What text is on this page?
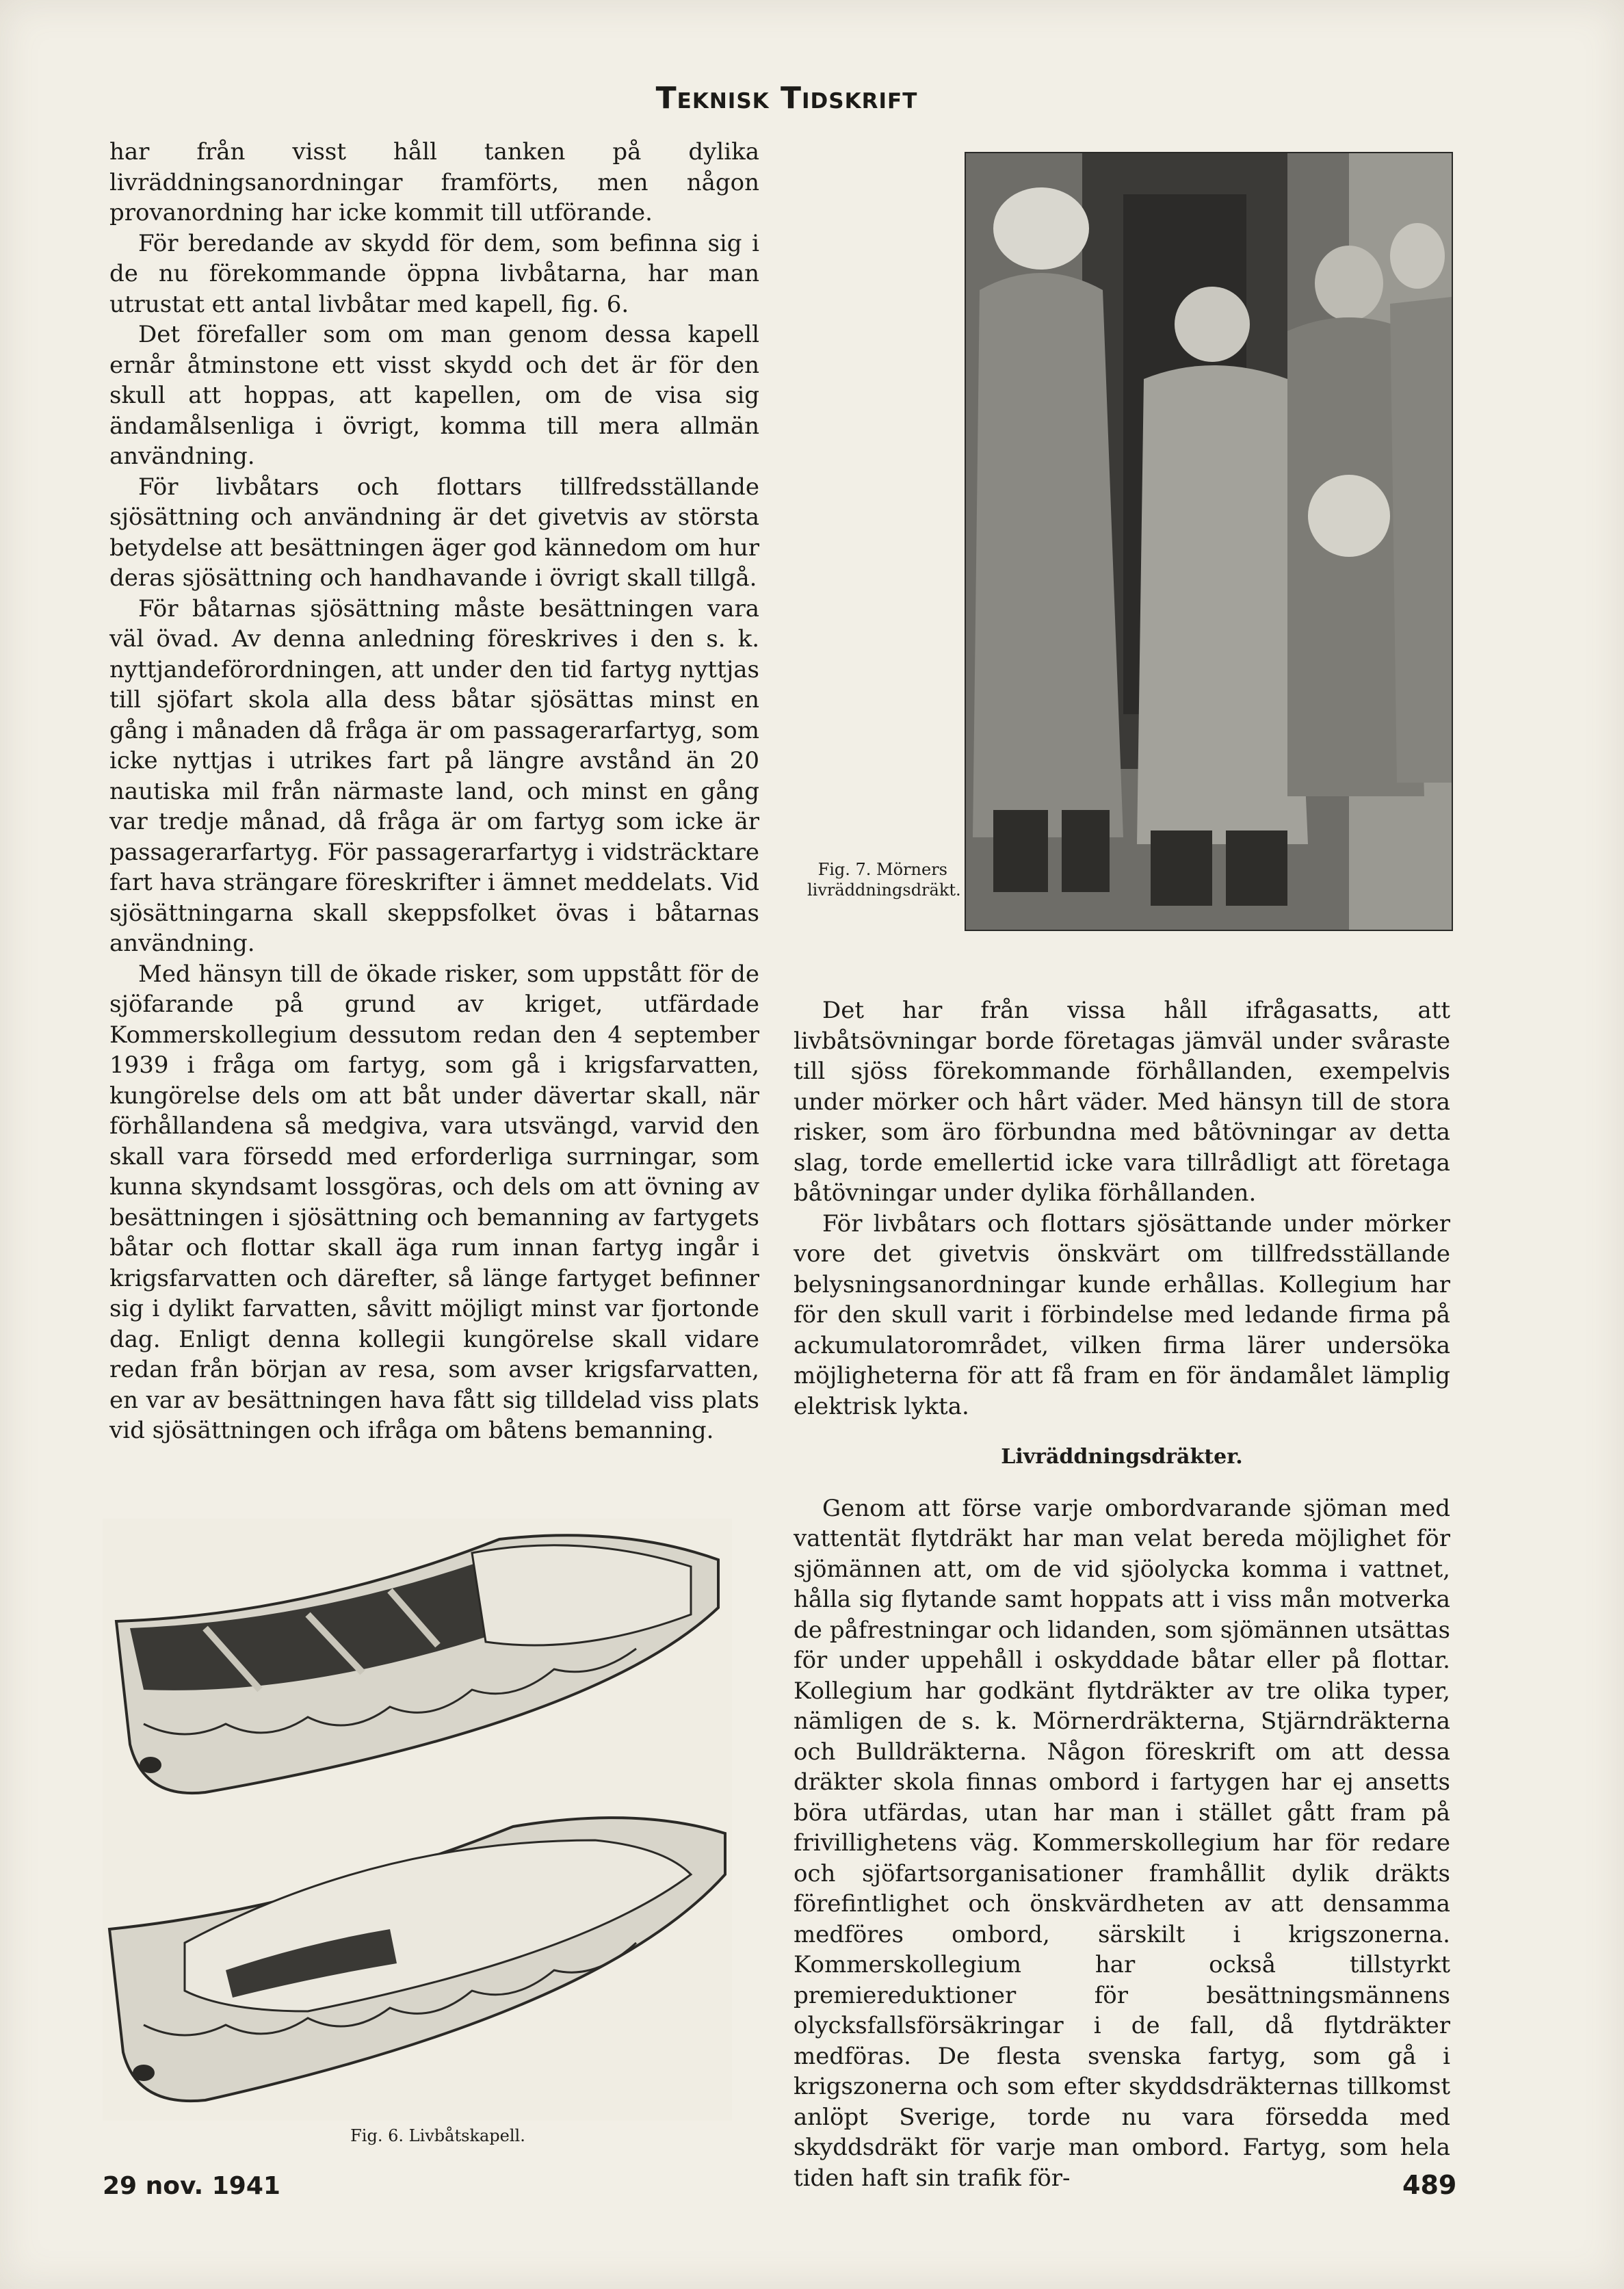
Teknisk Tidskrift

har från visst håll tanken på dylika livräddningsanordningar framförts, men någon provanordning har icke kommit till utförande.

För beredande av skydd för dem, som befinna sig i de nu förekommande öppna livbåtarna, har man utrustat ett antal livbåtar med kapell, fig. 6.

Det förefaller som om man genom dessa kapell ernår åtminstone ett visst skydd och det är för den skull att hoppas, att kapellen, om de visa sig ändamålsenliga i övrigt, komma till mera allmän användning.

För livbåtars och flottars tillfredsställande sjösättning och användning är det givetvis av största betydelse att besättningen äger god kännedom om hur deras sjösättning och handhavande i övrigt skall tillgå.

För båtarnas sjösättning måste besättningen vara väl övad. Av denna anledning föreskrives i den s. k. nyttjandeförordningen, att under den tid fartyg nyttjas till sjöfart skola alla dess båtar sjösättas minst en gång i månaden då fråga är om passagerarfartyg, som icke nyttjas i utrikes fart på längre avstånd än 20 nautiska mil från närmaste land, och minst en gång var tredje månad, då fråga är om fartyg som icke är passagerarfartyg. För passagerarfartyg i vidsträcktare fart hava strängare föreskrifter i ämnet meddelats. Vid sjösättningarna skall skeppsfolket övas i båtarnas användning.

Med hänsyn till de ökade risker, som uppstått för de sjöfarande på grund av kriget, utfärdade Kommerskollegium dessutom redan den 4 september 1939 i fråga om fartyg, som gå i krigsfarvatten, kungörelse dels om att båt under dävertar skall, när förhållandena så medgiva, vara utsvängd, varvid den skall vara försedd med erforderliga surrningar, som kunna skyndsamt lossgöras, och dels om att övning av besättningen i sjösättning och bemanning av fartygets båtar och flottar skall äga rum innan fartyg ingår i krigsfarvatten och därefter, så länge fartyget befinner sig i dylikt farvatten, såvitt möjligt minst var fjortonde dag. Enligt denna kollegii kungörelse skall vidare redan från början av resa, som avser krigsfarvatten, en var av besättningen hava fått sig tilldelad viss plats vid sjösättningen och ifråga om båtens bemanning.

Fig. 7. Mörners livräddningsdräkt.

Det har från vissa håll ifrågasatts, att livbåtsövningar borde företagas jämväl under svåraste till sjöss förekommande förhållanden, exempelvis under mörker och hårt väder. Med hänsyn till de stora risker, som äro förbundna med båtövningar av detta slag, torde emellertid icke vara tillrådligt att företaga båtövningar under dylika förhållanden.

För livbåtars och flottars sjösättande under mörker vore det givetvis önskvärt om tillfredsställande belysningsanordningar kunde erhållas. Kollegium har för den skull varit i förbindelse med ledande firma på ackumulatorområdet, vilken firma lärer undersöka möjligheterna för att få fram en för ändamålet lämplig elektrisk lykta.

Livräddningsdräkter.

Genom att förse varje ombordvarande sjöman med vattentät flytdräkt har man velat bereda möjlighet för sjömännen att, om de vid sjöolycka komma i vattnet, hålla sig flytande samt hoppats att i viss mån motverka de påfrestningar och lidanden, som sjömännen utsättas för under uppehåll i oskyddade båtar eller på flottar. Kollegium har godkänt flytdräkter av tre olika typer, nämligen de s. k. Mörnerdräkterna, Stjärndräkterna och Bulldräkterna. Någon föreskrift om att dessa dräkter skola finnas ombord i fartygen har ej ansetts böra utfärdas, utan har man i stället gått fram på frivillighetens väg. Kommerskollegium har för redare och sjöfartsorganisationer framhållit dylik dräkts förefintlighet och önskvärdheten av att densamma medföres ombord, särskilt i krigszonerna. Kommerskollegium har också tillstyrkt premiereduktioner för besättningsmännens olycksfallsförsäkringar i de fall, då flytdräkter medföras. De flesta svenska fartyg, som gå i krigszonerna och som efter skyddsdräkternas tillkomst anlöpt Sverige, torde nu vara försedda med skyddsdräkt för varje man ombord. Fartyg, som hela tiden haft sin trafik för-

Fig. 6. Livbåtskapell.
29 nov. 1941	489
